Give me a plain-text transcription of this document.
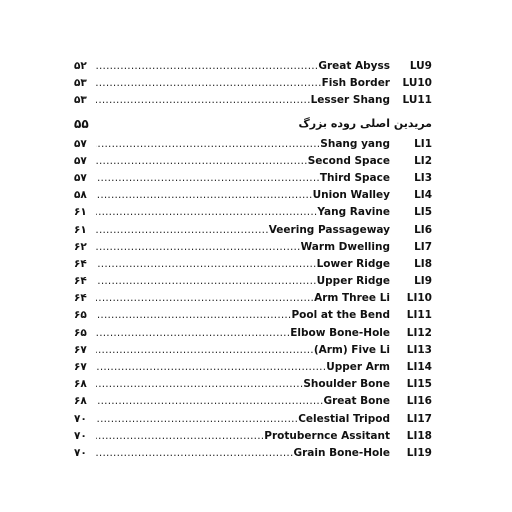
۵۲ .....	Great Abyss	LU9
۵۳ .....	Fish Border	LU10
۵۳ .....	Lesser Shang	LU11
۵۵	مریدین اصلی روده بزرگ
۵۷ .....	Shang yang	LI1
۵۷ .....	Second Space	LI2
۵۷ .....	Third Space	LI3
۵۸ .....	Union Walley	LI4
۶۱ .....	Yang Ravine	LI5
۶۱ .....	Veering Passageway	LI6
۶۲ .....	Warm Dwelling	LI7
۶۴ .....	Lower Ridge	LI8
۶۴ .....	Upper Ridge	LI9
۶۴ .....	Arm Three Li	LI10
۶۵ .....	Pool at the Bend	LI11
۶۵ .....	Elbow Bone-Hole	LI12
۶۷ .....	(Arm) Five Li	LI13
۶۷ .....	Upper Arm	LI14
۶۸ .....	Shoulder Bone	LI15
۶۸ .....	Great Bone	LI16
۷۰ .....	Celestial Tripod	LI17
۷۰ .....	Protubernce Assitant	LI18
۷۰ .....	Grain Bone-Hole	LI19
